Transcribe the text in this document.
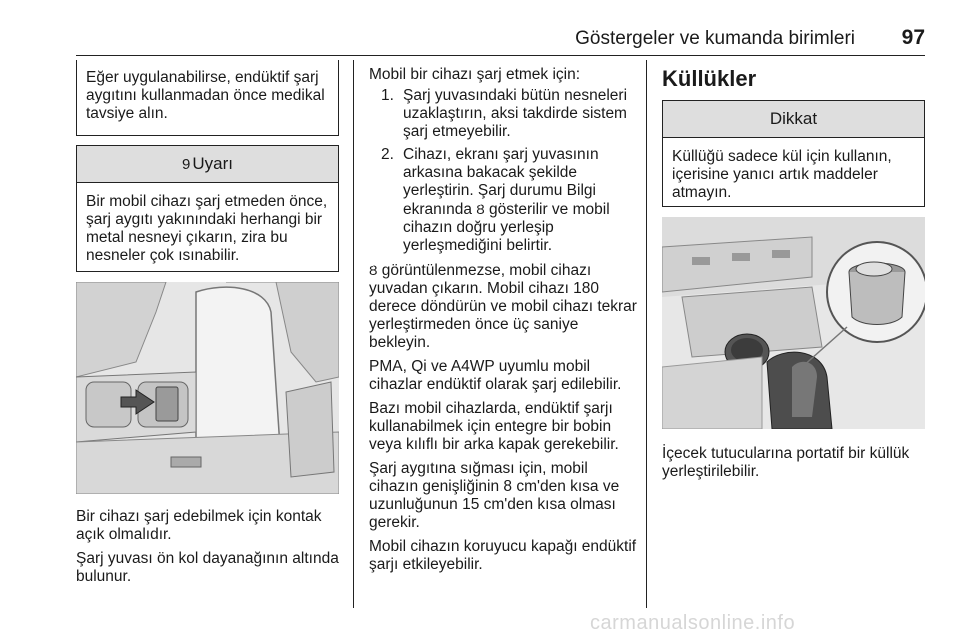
Göstergeler ve kumanda birimleri 97
Eğer uygulanabilirse, endüktif şarj aygıtını kullanmadan önce medikal tavsiye alın.
9 Uyarı
Bir mobil cihazı şarj etmeden önce, şarj aygıtı yakınındaki herhangi bir metal nesneyi çıkarın, zira bu nesneler çok ısınabilir.

Bir cihazı şarj edebilmek için kontak açık olmalıdır.

Şarj yuvası ön kol dayanağının altında bulunur.

Mobil bir cihazı şarj etmek için:

1. Şarj yuvasındaki bütün nesneleri uzaklaştırın, aksi takdirde sistem şarj etmeyebilir.
2. Cihazı, ekranı şarj yuvasının arkasına bakacak şekilde yerleştirin. Şarj durumu Bilgi ekranında Ȣ gösterilir ve mobil cihazın doğru yerleşip yerleşmediğini belirtir.

Ȣ görüntülenmezse, mobil cihazı yuvadan çıkarın. Mobil cihazı 180 derece döndürün ve mobil cihazı tekrar yerleştirmeden önce üç saniye bekleyin.

PMA, Qi ve A4WP uyumlu mobil cihazlar endüktif olarak şarj edilebilir.

Bazı mobil cihazlarda, endüktif şarjı kullanabilmek için entegre bir bobin veya kılıflı bir arka kapak gerekebilir.

Şarj aygıtına sığması için, mobil cihazın genişliğinin 8 cm'den kısa ve uzunluğunun 15 cm'den kısa olması gerekir.

Mobil cihazın koruyucu kapağı endüktif şarjı etkileyebilir.

Küllükler
Dikkat
Küllüğü sadece kül için kullanın, içerisine yanıcı artık maddeler atmayın.
İçecek tutucularına portatif bir küllük yerleştirilebilir.
carmanualsonline.info
